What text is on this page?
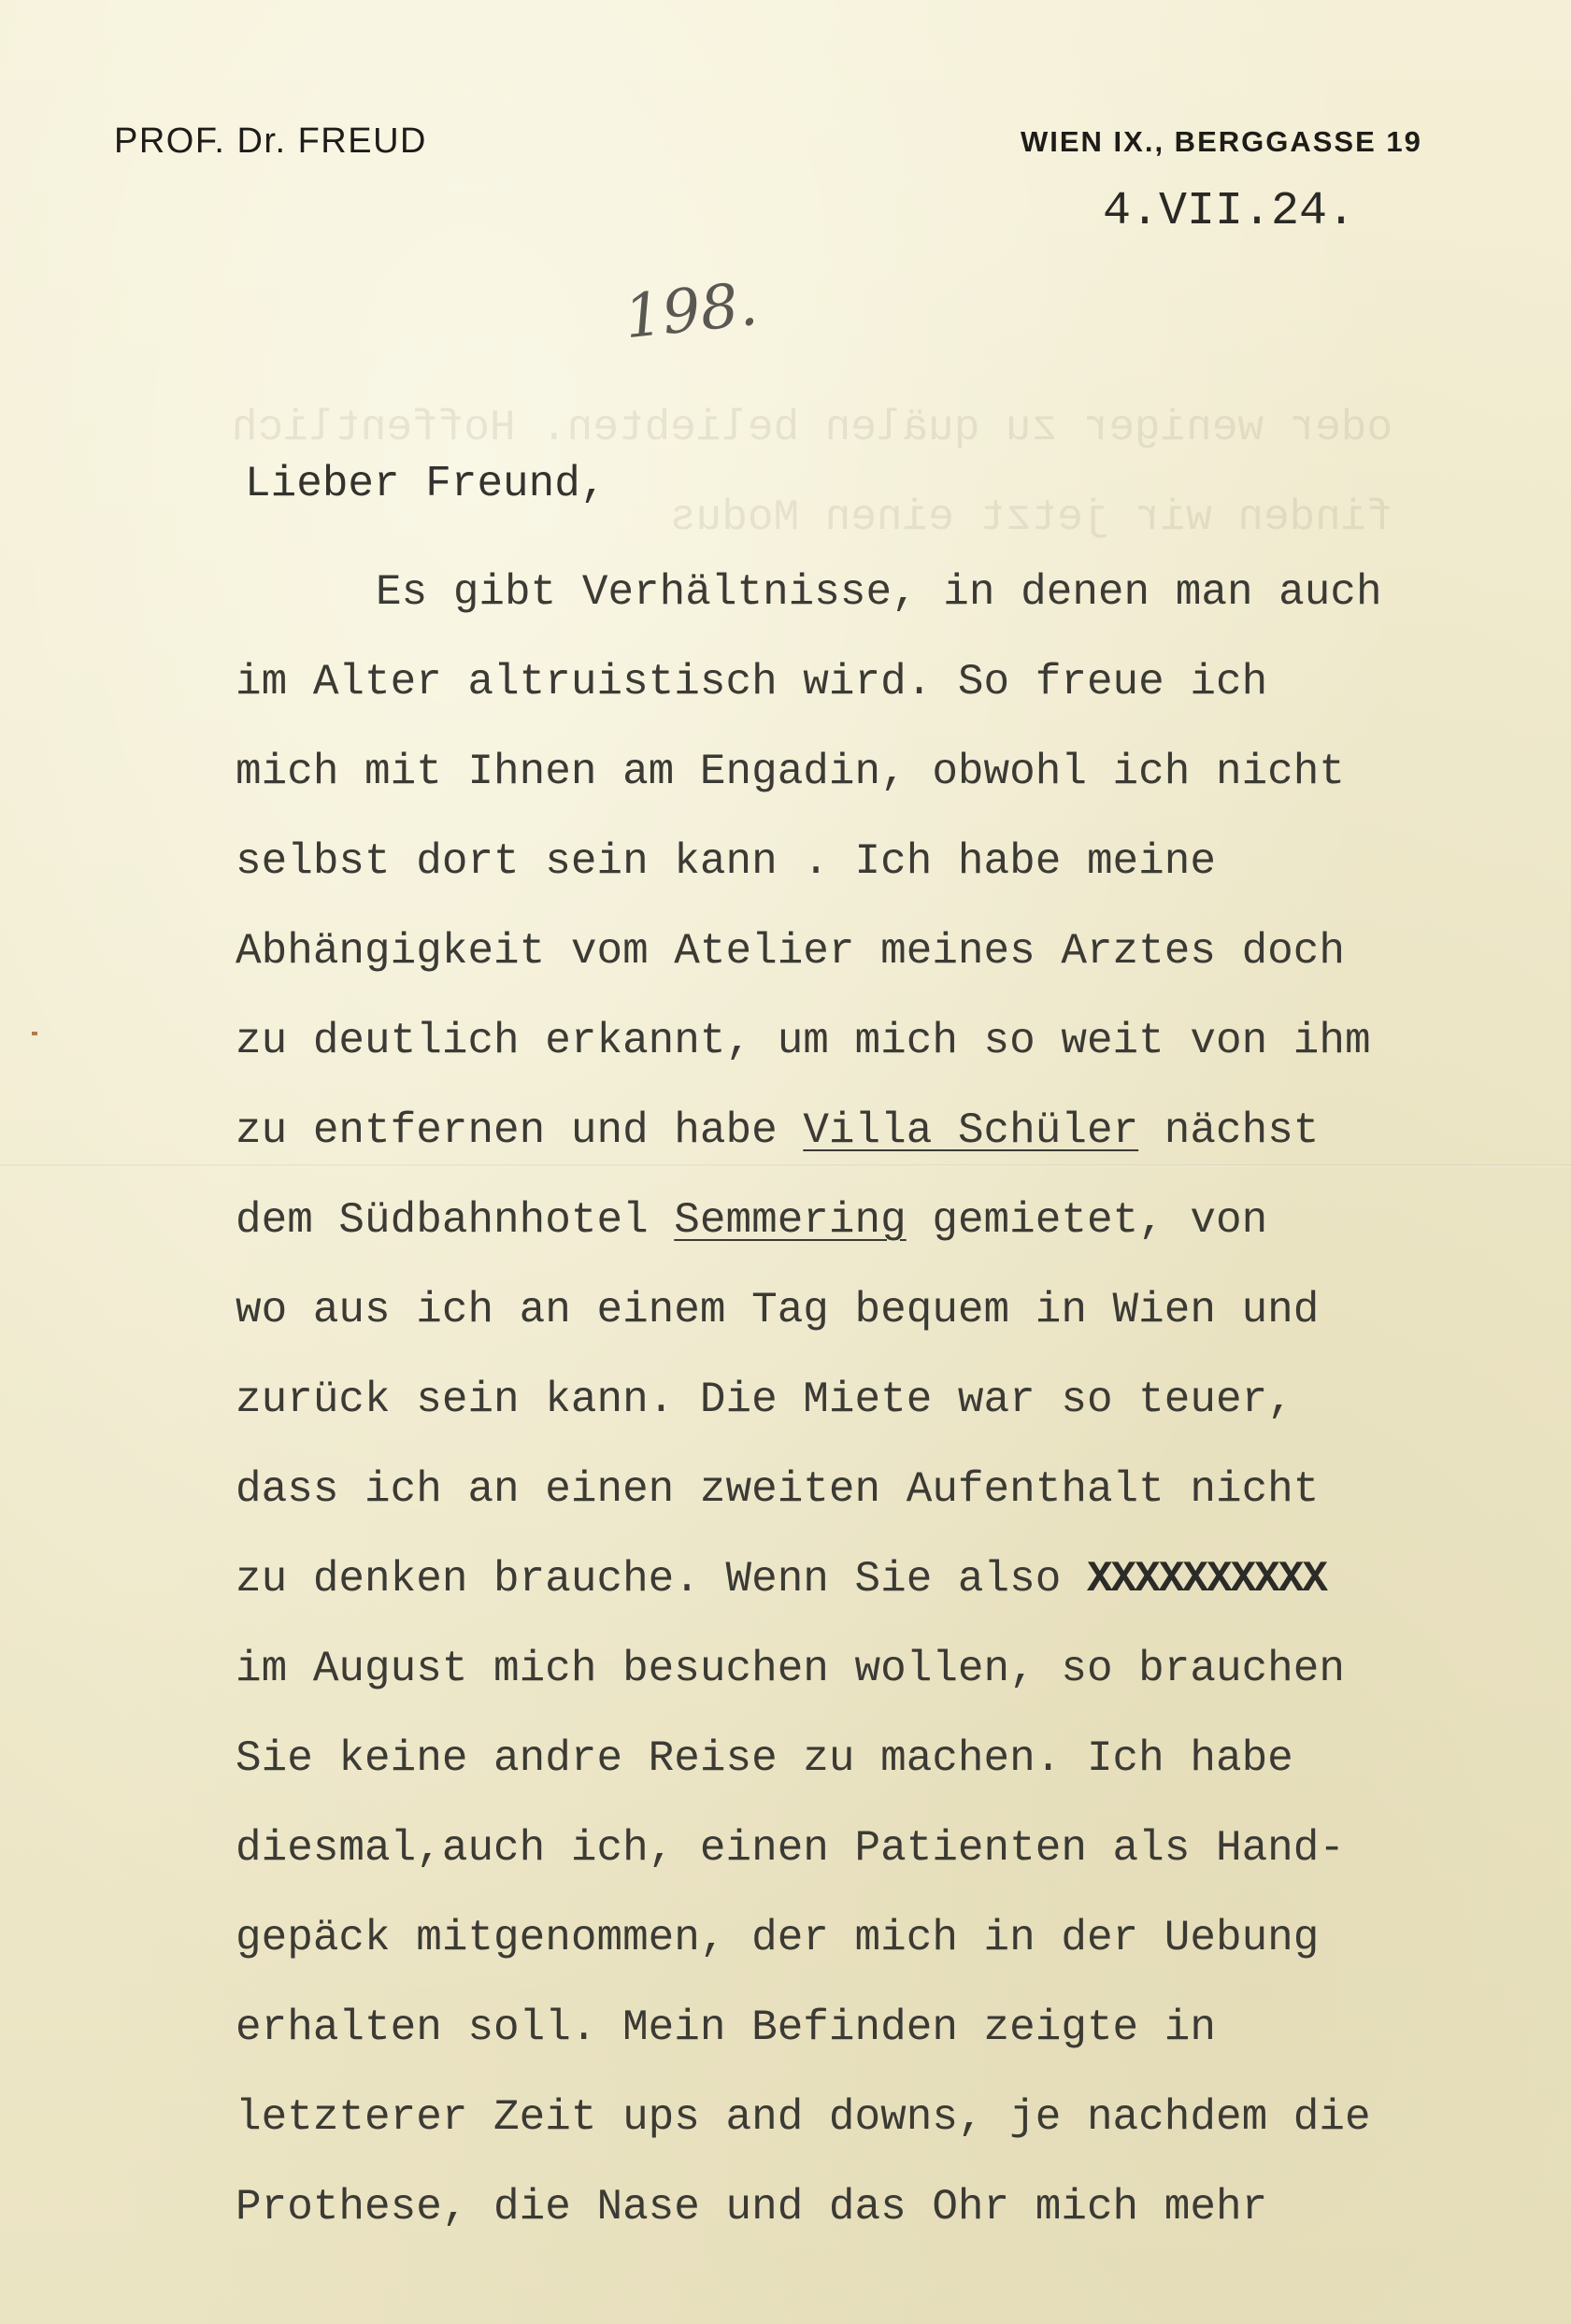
oder weniger zu quälen beliebten. Hoffentlich
finden wir jetzt einen Modus
PROF. Dr. FREUD	WIEN IX., BERGGASSE 19
4.VII.24.
198.
Lieber Freund,
Es gibt Verhältnisse, in denen man auch
im Alter altruistisch wird. So freue ich
mich mit Ihnen am Engadin, obwohl ich nicht
selbst dort sein kann . Ich habe meine
Abhängigkeit vom Atelier meines Arztes doch
zu deutlich erkannt, um mich so weit von ihm
zu entfernen und habe Villa Schüler nächst
dem Südbahnhotel Semmering gemietet, von
wo aus ich an einem Tag bequem in Wien und
zurück sein kann. Die Miete war so teuer,
dass ich an einen zweiten Aufenthalt nicht
zu denken brauche. Wenn Sie also XXXXXXXXXX
im August mich besuchen wollen, so brauchen
Sie keine andre Reise zu machen. Ich habe
diesmal,auch ich, einen Patienten als Hand-
gepäck mitgenommen, der mich in der Uebung
erhalten soll. Mein Befinden zeigte in
letzterer Zeit ups and downs, je nachdem die
Prothese, die Nase und das Ohr mich mehr
